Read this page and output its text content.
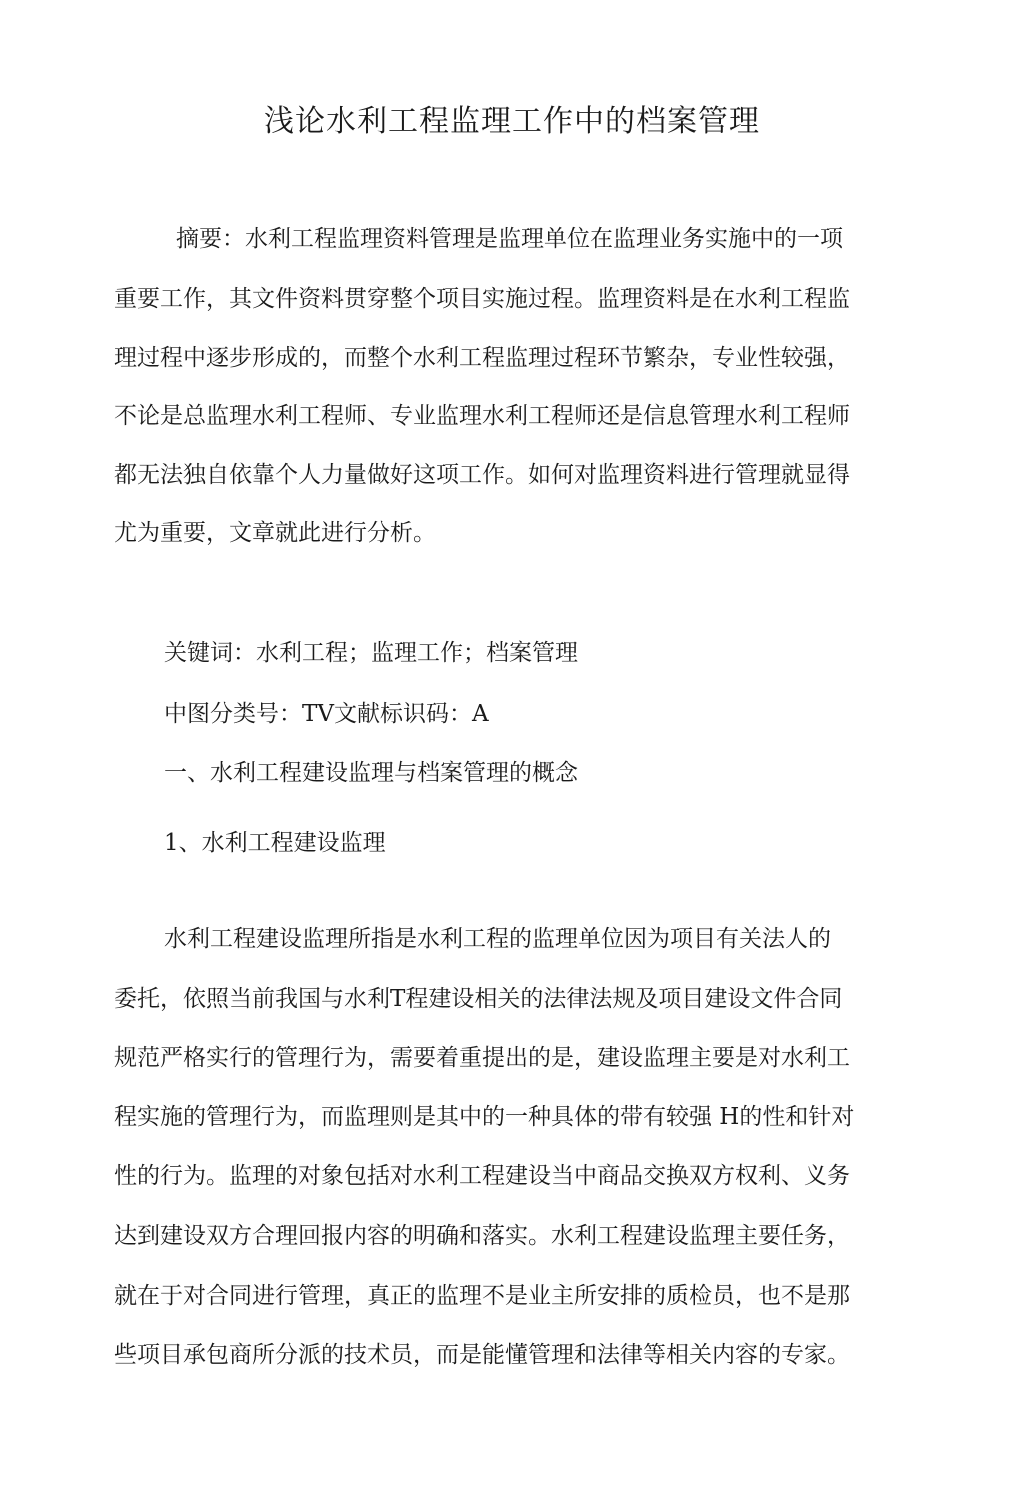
浅论水利工程监理工作中的档案管理
摘要：水利工程监理资料管理是监理单位在监理业务实施中的一项
重要工作，其文件资料贯穿整个项目实施过程。监理资料是在水利工程监
理过程中逐步形成的，而整个水利工程监理过程环节繁杂，专业性较强，
不论是总监理水利工程师、专业监理水利工程师还是信息管理水利工程师
都无法独自依靠个人力量做好这项工作。如何对监理资料进行管理就显得
尤为重要，文章就此进行分析。
关键词：水利工程；监理工作；档案管理
中图分类号：TV文献标识码：A
一、水利工程建设监理与档案管理的概念
1、水利工程建设监理
水利工程建设监理所指是水利工程的监理单位因为项目有关法人的
委托，依照当前我国与水利T程建设相关的法律法规及项目建设文件合同
规范严格实行的管理行为，需要着重提出的是，建设监理主要是对水利工
程实施的管理行为，而监理则是其中的一种具体的带有较强 H的性和针对
性的行为。监理的对象包括对水利工程建设当中商品交换双方权利、义务
达到建设双方合理回报内容的明确和落实。水利工程建设监理主要任务，
就在于对合同进行管理，真正的监理不是业主所安排的质检员，也不是那
些项目承包商所分派的技术员，而是能懂管理和法律等相关内容的专家。
